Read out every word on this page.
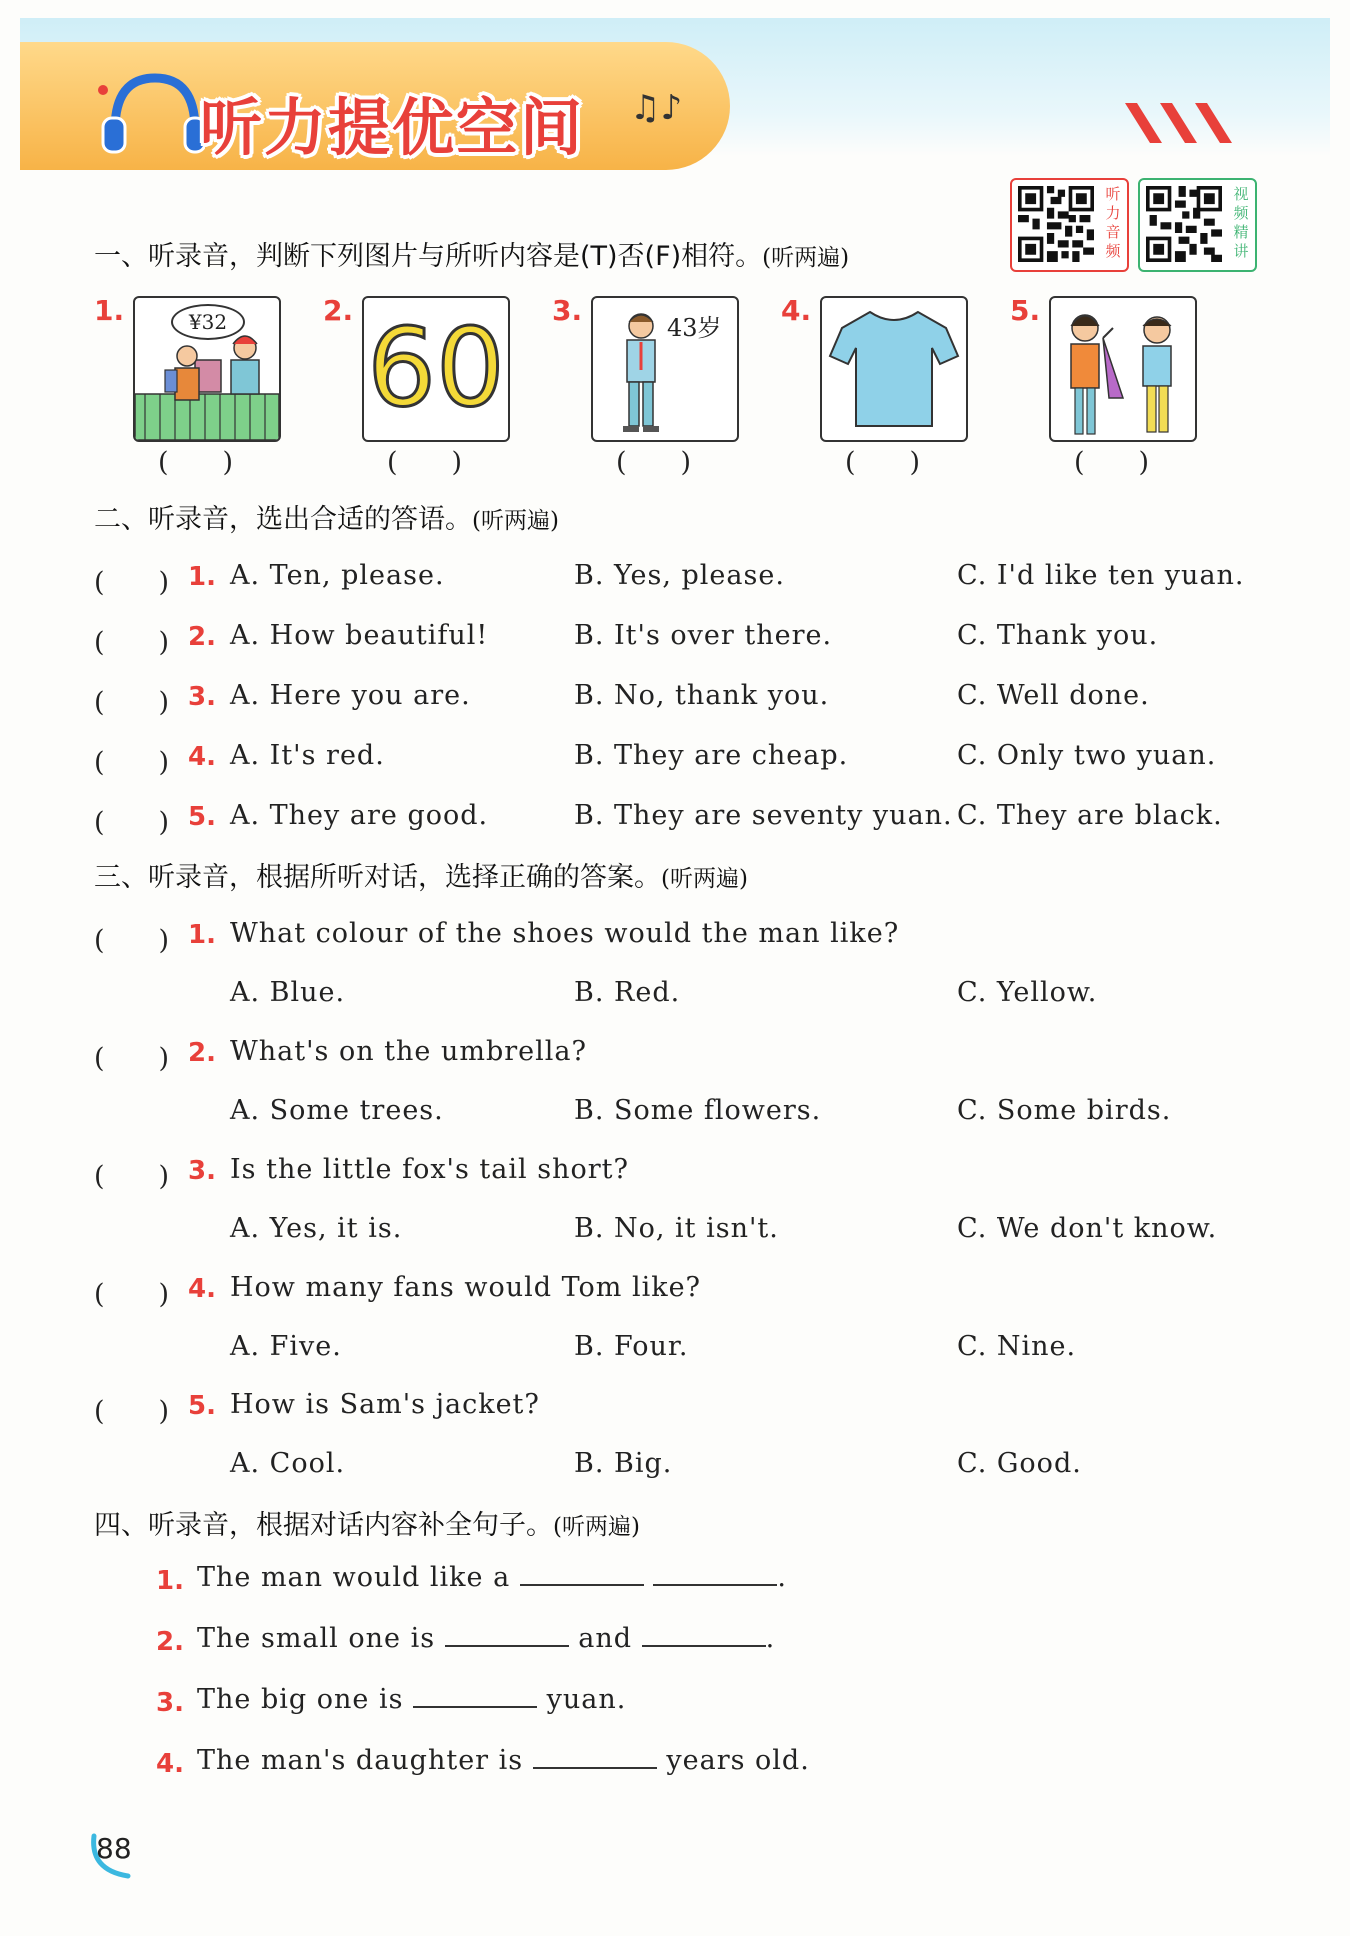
听力提优空间 ♫♪
听
力
音
频
视
频
精
讲
一、听录音，判断下列图片与所听内容是(T)否(F)相符。(听两遍)
1.	¥32
(　　)
2. 60
(　　)
3.
43岁
(　　)
4.
(　　)
5.
(　　)
二、听录音，选出合适的答语。(听两遍)
(　　) 1. A. Ten, please.	B. Yes, please.	C. I'd like ten yuan.
(　　) 2. A. How beautiful!	B. It's over there.	C. Thank you.
(　　) 3. A. Here you are.	B. No, thank you.	C. Well done.
(　　) 4. A. It's red.	B. They are cheap.	C. Only two yuan.
(　　) 5. A. They are good.	B. They are seventy yuan. C. They are black.
三、听录音，根据所听对话，选择正确的答案。(听两遍)
(　　) 1. What colour of the shoes would the man like?
A. Blue.	B. Red.	C. Yellow.
(　　) 2. What's on the umbrella?
A. Some trees.	B. Some flowers.	C. Some birds.
(　　) 3. Is the little fox's tail short?
A. Yes, it is.	B. No, it isn't.	C. We don't know.
(　　) 4. How many fans would Tom like?
A. Five.	B. Four.	C. Nine.
(　　) 5. How is Sam's jacket?
A. Cool.	B. Big.	C. Good.
四、听录音，根据对话内容补全句子。(听两遍)
1. The man would like a	.
2. The small one is	and	.
3. The big one is	yuan.
4. The man's daughter is	years old.
88
